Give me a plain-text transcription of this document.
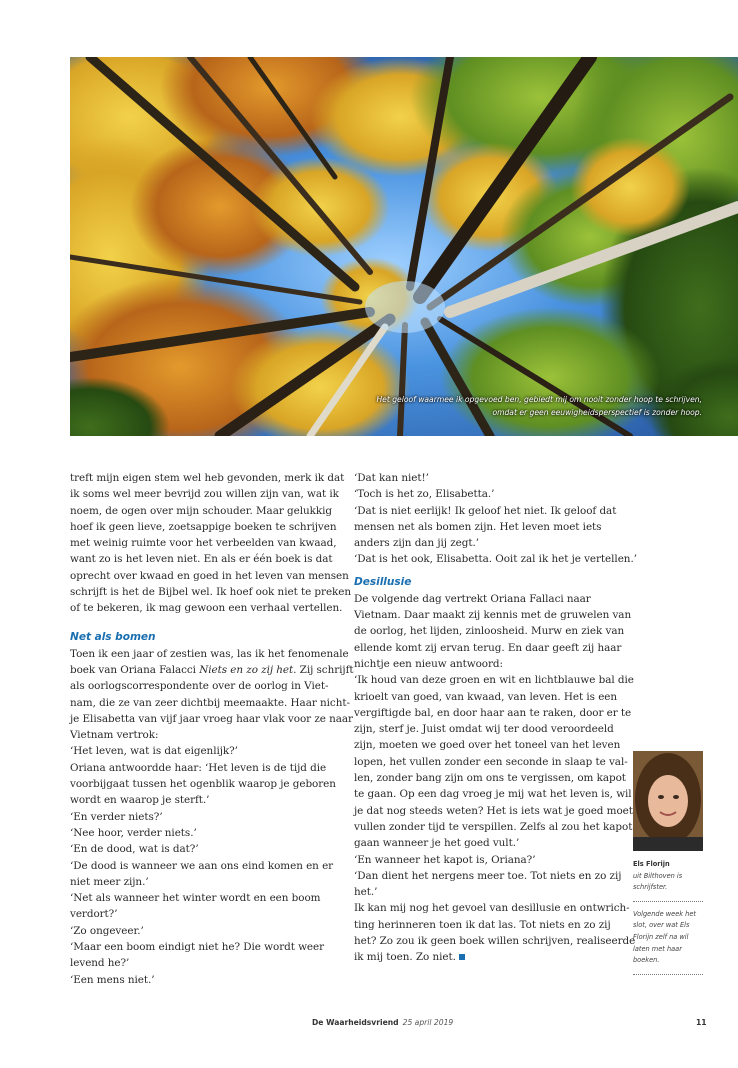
Het geloof waarmee ik opgevoed ben, gebiedt mij om nooit zonder hoop te schrijven,
omdat er geen eeuwigheidsperspectief is zonder hoop.

treft mijn eigen stem wel heb gevonden, merk ik dat

ik soms wel meer bevrijd zou willen zijn van, wat ik

noem, de ogen over mijn schouder. Maar gelukkig

hoef ik geen lieve, zoetsappige boeken te schrijven

met weinig ruimte voor het verbeelden van kwaad,

want zo is het leven niet. En als er één boek is dat

oprecht over kwaad en goed in het leven van mensen

schrijft is het de Bijbel wel. Ik hoef ook niet te preken

of te bekeren, ik mag gewoon een verhaal vertellen.

Net als bomen

Toen ik een jaar of zestien was, las ik het fenomenale

boek van Oriana Falacci Niets en zo zij het. Zij schrijft

als oorlogscorrespondente over de oorlog in Viet-

nam, die ze van zeer dichtbij meemaakte. Haar nicht-

je Elisabetta van vijf jaar vroeg haar vlak voor ze naar

Vietnam vertrok:

‘Het leven, wat is dat eigenlijk?’

Oriana antwoordde haar: ‘Het leven is de tijd die

voorbijgaat tussen het ogenblik waarop je geboren

wordt en waarop je sterft.’

‘En verder niets?’

‘Nee hoor, verder niets.’

‘En de dood, wat is dat?’

‘De dood is wanneer we aan ons eind komen en er

niet meer zijn.’

‘Net als wanneer het winter wordt en een boom

verdort?’

‘Zo ongeveer.’

‘Maar een boom eindigt niet he? Die wordt weer

levend he?’

‘Een mens niet.’

‘Dat kan niet!’

‘Toch is het zo, Elisabetta.’

‘Dat is niet eerlijk! Ik geloof het niet. Ik geloof dat

mensen net als bomen zijn. Het leven moet iets

anders zijn dan jij zegt.’

‘Dat is het ook, Elisabetta. Ooit zal ik het je vertellen.’

Desillusie

De volgende dag vertrekt Oriana Fallaci naar

Vietnam. Daar maakt zij kennis met de gruwelen van

de oorlog, het lijden, zinloosheid. Murw en ziek van

ellende komt zij ervan terug. En daar geeft zij haar

nichtje een nieuw antwoord:

‘Ik houd van deze groen en wit en lichtblauwe bal die

krioelt van goed, van kwaad, van leven. Het is een

vergiftigde bal, en door haar aan te raken, door er te

zijn, sterf je. Juist omdat wij ter dood veroordeeld

zijn, moeten we goed over het toneel van het leven

lopen, het vullen zonder een seconde in slaap te val-

len, zonder bang zijn om ons te vergissen, om kapot

te gaan. Op een dag vroeg je mij wat het leven is, wil

je dat nog steeds weten? Het is iets wat je goed moet

vullen zonder tijd te verspillen. Zelfs al zou het kapot

gaan wanneer je het goed vult.’

‘En wanneer het kapot is, Oriana?’

‘Dan dient het nergens meer toe. Tot niets en zo zij

het.’

Ik kan mij nog het gevoel van desillusie en ontwrich-

ting herinneren toen ik dat las. Tot niets en zo zij

het? Zo zou ik geen boek willen schrijven, realiseerde

ik mij toen. Zo niet.

Els Florijn
uit Bilthoven is
schrijfster.
Volgende week het
slot, over wat Els
Florijn zelf na wil
laten met haar
boeken.
De Waarheidsvriend 25 april 2019	11
